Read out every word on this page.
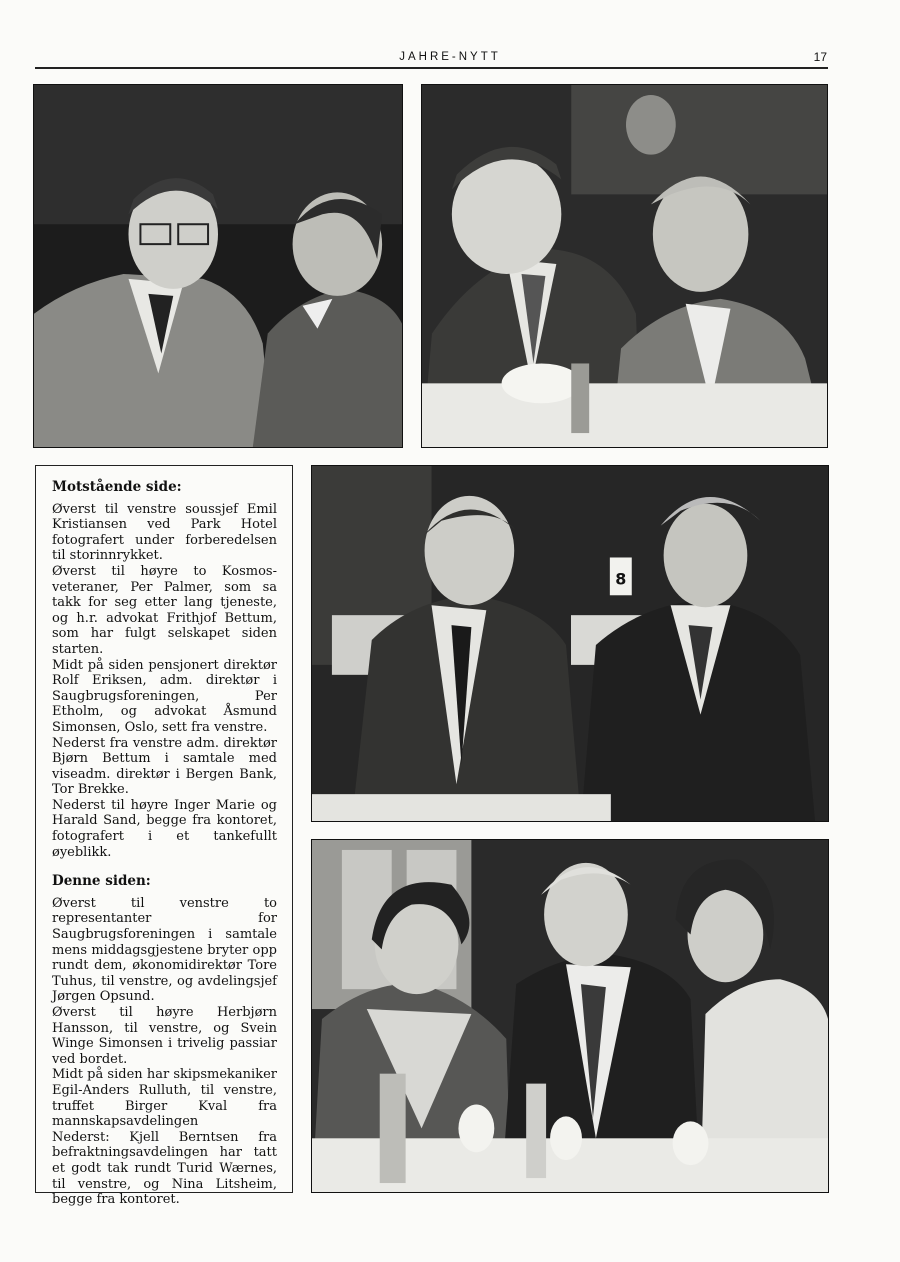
JAHRE-NYTT	17
Motstående side:

Øverst til venstre soussjef Emil Kristiansen ved Park Hotel fotografert under forberedelsen til storinnrykket.

Øverst til høyre to Kosmos-veteraner, Per Palmer, som sa takk for seg etter lang tjeneste, og h.r. advokat Frithjof Bettum, som har fulgt selskapet siden starten.

Midt på siden pensjonert direktør Rolf Eriksen, adm. direktør i Saugbrugsforeningen, Per Etholm, og advokat Åsmund Simonsen, Oslo, sett fra venstre.

Nederst fra venstre adm. direktør Bjørn Bettum i samtale med viseadm. direktør i Bergen Bank, Tor Brekke.

Nederst til høyre Inger Marie og Harald Sand, begge fra kontoret, fotografert i et tankefullt øyeblikk.

Denne siden:

Øverst til venstre to representanter for Saugbrugsforeningen i samtale mens middagsgjestene bryter opp rundt dem, økonomidirektør Tore Tuhus, til venstre, og avdelingsjef Jørgen Opsund.

Øverst til høyre Herbjørn Hansson, til venstre, og Svein Winge Simonsen i trivelig passiar ved bordet.

Midt på siden har skipsmekaniker Egil-Anders Rulluth, til venstre, truffet Birger Kval fra mannskapsavdelingen

Nederst: Kjell Berntsen fra befraktningsavdelingen har tatt et godt tak rundt Turid Wærnes, til venstre, og Nina Litsheim, begge fra kontoret.

8
